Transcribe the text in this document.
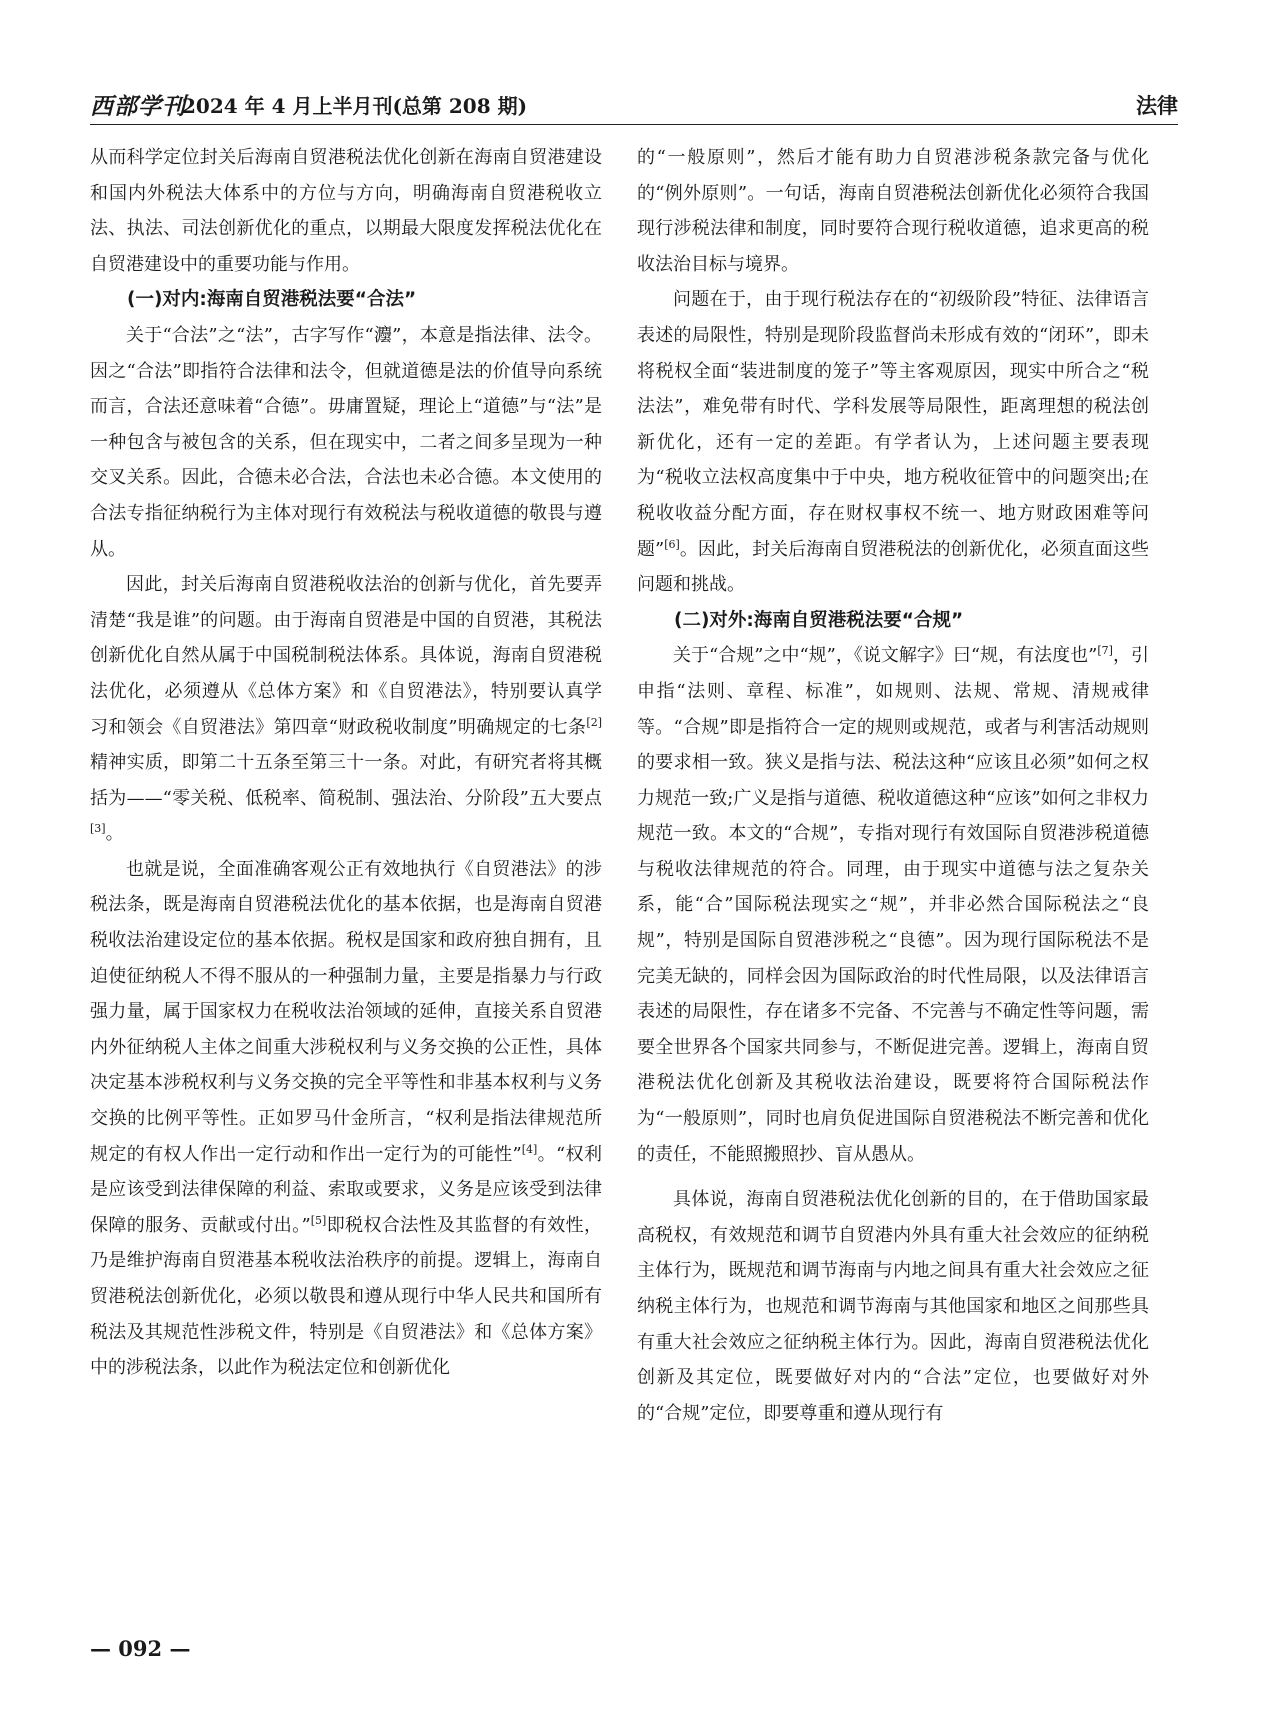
西部学刊
2024 年 4 月上半月刊(总第 208 期)	法律

从而科学定位封关后海南自贸港税法优化创新在海南自贸港建设和国内外税法大体系中的方位与方向，明确海南自贸港税收立法、执法、司法创新优化的重点，以期最大限度发挥税法优化在自贸港建设中的重要功能与作用。

(一)对内:海南自贸港税法要“合法”

关于“合法”之“法”，古字写作“灋”，本意是指法律、法令。因之“合法”即指符合法律和法令，但就道德是法的价值导向系统而言，合法还意味着“合德”。毋庸置疑，理论上“道德”与“法”是一种包含与被包含的关系，但在现实中，二者之间多呈现为一种交叉关系。因此，合德未必合法，合法也未必合德。本文使用的合法专指征纳税行为主体对现行有效税法与税收道德的敬畏与遵从。

因此，封关后海南自贸港税收法治的创新与优化，首先要弄清楚“我是谁”的问题。由于海南自贸港是中国的自贸港，其税法创新优化自然从属于中国税制税法体系。具体说，海南自贸港税法优化，必须遵从《总体方案》和《自贸港法》，特别要认真学习和领会《自贸港法》第四章“财政税收制度”明确规定的七条[2]精神实质，即第二十五条至第三十一条。对此，有研究者将其概括为——“零关税、低税率、简税制、强法治、分阶段”五大要点[3]。

也就是说，全面准确客观公正有效地执行《自贸港法》的涉税法条，既是海南自贸港税法优化的基本依据，也是海南自贸港税收法治建设定位的基本依据。税权是国家和政府独自拥有，且迫使征纳税人不得不服从的一种强制力量，主要是指暴力与行政强力量，属于国家权力在税收法治领域的延伸，直接关系自贸港内外征纳税人主体之间重大涉税权利与义务交换的公正性，具体决定基本涉税权利与义务交换的完全平等性和非基本权利与义务交换的比例平等性。正如罗马什金所言，“权利是指法律规范所规定的有权人作出一定行动和作出一定行为的可能性”[4]。“权利是应该受到法律保障的利益、索取或要求，义务是应该受到法律保障的服务、贡献或付出。”[5]即税权合法性及其监督的有效性，乃是维护海南自贸港基本税收法治秩序的前提。逻辑上，海南自贸港税法创新优化，必须以敬畏和遵从现行中华人民共和国所有税法及其规范性涉税文件，特别是《自贸港法》和《总体方案》中的涉税法条，以此作为税法定位和创新优化

的“一般原则”，然后才能有助力自贸港涉税条款完备与优化的“例外原则”。一句话，海南自贸港税法创新优化必须符合我国现行涉税法律和制度，同时要符合现行税收道德，追求更高的税收法治目标与境界。

问题在于，由于现行税法存在的“初级阶段”特征、法律语言表述的局限性，特别是现阶段监督尚未形成有效的“闭环”，即未将税权全面“装进制度的笼子”等主客观原因，现实中所合之“税法法”，难免带有时代、学科发展等局限性，距离理想的税法创新优化，还有一定的差距。有学者认为，上述问题主要表现为“税收立法权高度集中于中央，地方税收征管中的问题突出;在税收收益分配方面，存在财权事权不统一、地方财政困难等问题”[6]。因此，封关后海南自贸港税法的创新优化，必须直面这些问题和挑战。

(二)对外:海南自贸港税法要“合规”

关于“合规”之中“规”，《说文解字》曰“规，有法度也”[7]，引申指“法则、章程、标准”，如规则、法规、常规、清规戒律等。“合规”即是指符合一定的规则或规范，或者与利害活动规则的要求相一致。狭义是指与法、税法这种“应该且必须”如何之权力规范一致;广义是指与道德、税收道德这种“应该”如何之非权力规范一致。本文的“合规”，专指对现行有效国际自贸港涉税道德与税收法律规范的符合。同理，由于现实中道德与法之复杂关系，能“合”国际税法现实之“规”，并非必然合国际税法之“良规”，特别是国际自贸港涉税之“良德”。因为现行国际税法不是完美无缺的，同样会因为国际政治的时代性局限，以及法律语言表述的局限性，存在诸多不完备、不完善与不确定性等问题，需要全世界各个国家共同参与，不断促进完善。逻辑上，海南自贸港税法优化创新及其税收法治建设，既要将符合国际税法作为“一般原则”，同时也肩负促进国际自贸港税法不断完善和优化的责任，不能照搬照抄、盲从愚从。

具体说，海南自贸港税法优化创新的目的，在于借助国家最高税权，有效规范和调节自贸港内外具有重大社会效应的征纳税主体行为，既规范和调节海南与内地之间具有重大社会效应之征纳税主体行为，也规范和调节海南与其他国家和地区之间那些具有重大社会效应之征纳税主体行为。因此，海南自贸港税法优化创新及其定位，既要做好对内的“合法”定位，也要做好对外的“合规”定位，即要尊重和遵从现行有

— 092 —
